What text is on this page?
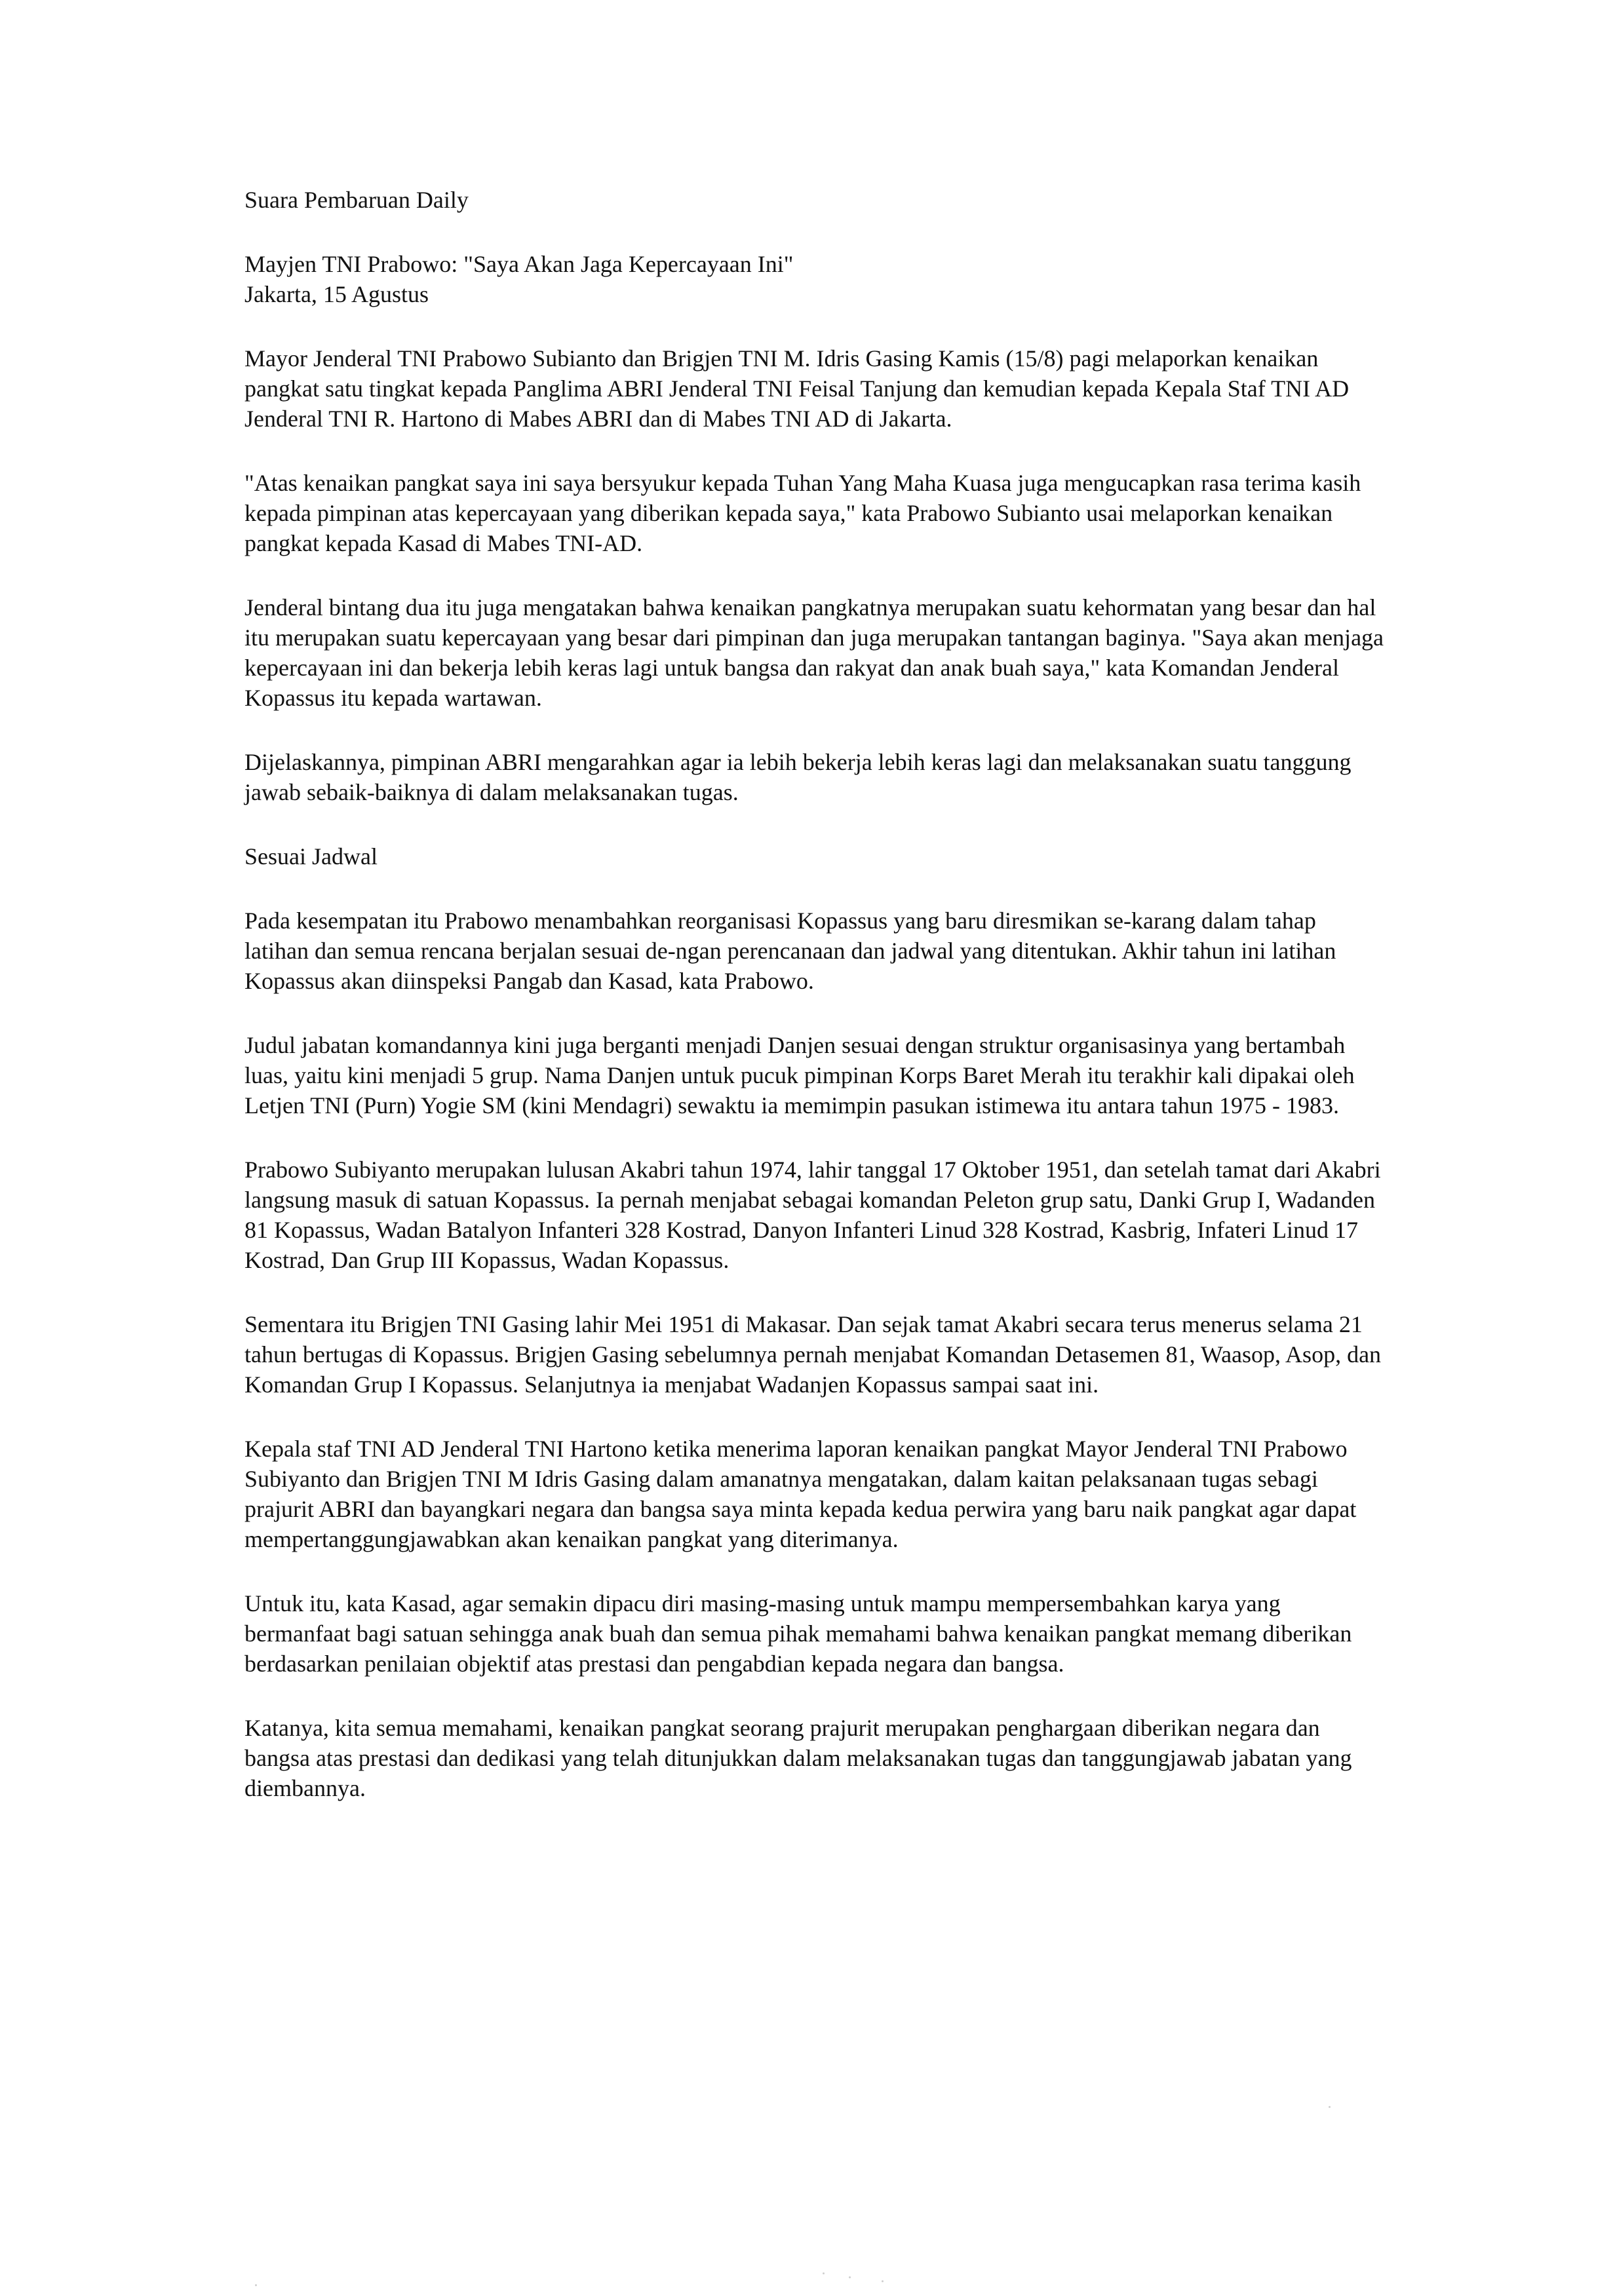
Suara Pembaruan Daily

Mayjen TNI Prabowo: "Saya Akan Jaga Kepercayaan Ini"

Jakarta, 15 Agustus

Mayor Jenderal TNI Prabowo Subianto dan Brigjen TNI M. Idris Gasing Kamis (15/8) pagi melaporkan kenaikan pangkat satu tingkat kepada Panglima ABRI Jenderal TNI Feisal Tanjung dan kemudian kepada Kepala Staf TNI AD Jenderal TNI R. Hartono di Mabes ABRI dan di Mabes TNI AD di Jakarta.

"Atas kenaikan pangkat saya ini saya bersyukur kepada Tuhan Yang Maha Kuasa juga mengucapkan rasa terima kasih kepada pimpinan atas kepercayaan yang diberikan kepada saya," kata Prabowo Subianto usai melaporkan kenaikan pangkat kepada Kasad di Mabes TNI-AD.

Jenderal bintang dua itu juga mengatakan bahwa kenaikan pangkatnya merupakan suatu kehormatan yang besar dan hal itu merupakan suatu kepercayaan yang besar dari pimpinan dan juga merupakan tantangan baginya. "Saya akan menjaga kepercayaan ini dan bekerja lebih keras lagi untuk bangsa dan rakyat dan anak buah saya," kata Komandan Jenderal Kopassus itu kepada wartawan.

Dijelaskannya, pimpinan ABRI mengarahkan agar ia lebih bekerja lebih keras lagi dan melaksanakan suatu tanggung jawab sebaik-baiknya di dalam melaksanakan tugas.

Sesuai Jadwal

Pada kesempatan itu Prabowo menambahkan reorganisasi Kopassus yang baru diresmikan se-karang dalam tahap latihan dan semua rencana berjalan sesuai de-ngan perencanaan dan jadwal yang ditentukan. Akhir tahun ini latihan Kopassus akan diinspeksi Pangab dan Kasad, kata Prabowo.

Judul jabatan komandannya kini juga berganti menjadi Danjen sesuai dengan struktur organisasinya yang bertambah luas, yaitu kini menjadi 5 grup. Nama Danjen untuk pucuk pimpinan Korps Baret Merah itu terakhir kali dipakai oleh Letjen TNI (Purn) Yogie SM (kini Mendagri) sewaktu ia memimpin pasukan istimewa itu antara tahun 1975 - 1983.

Prabowo Subiyanto merupakan lulusan Akabri tahun 1974, lahir tanggal 17 Oktober 1951, dan setelah tamat dari Akabri langsung masuk di satuan Kopassus. Ia pernah menjabat sebagai komandan Peleton grup satu, Danki Grup I, Wadanden 81 Kopassus, Wadan Batalyon Infanteri 328 Kostrad, Danyon Infanteri Linud 328 Kostrad, Kasbrig, Infateri Linud 17 Kostrad, Dan Grup III Kopassus, Wadan Kopassus.

Sementara itu Brigjen TNI Gasing lahir Mei 1951 di Makasar. Dan sejak tamat Akabri secara terus menerus selama 21 tahun bertugas di Kopassus. Brigjen Gasing sebelumnya pernah menjabat Komandan Detasemen 81, Waasop, Asop, dan Komandan Grup I Kopassus. Selanjutnya ia menjabat Wadanjen Kopassus sampai saat ini.

Kepala staf TNI AD Jenderal TNI Hartono ketika menerima laporan kenaikan pangkat Mayor Jenderal TNI Prabowo Subiyanto dan Brigjen TNI M Idris Gasing dalam amanatnya mengatakan, dalam kaitan pelaksanaan tugas sebagi prajurit ABRI dan bayangkari negara dan bangsa saya minta kepada kedua perwira yang baru naik pangkat agar dapat mempertanggungjawabkan akan kenaikan pangkat yang diterimanya.

Untuk itu, kata Kasad, agar semakin dipacu diri masing-masing untuk mampu mempersembahkan karya yang bermanfaat bagi satuan sehingga anak buah dan semua pihak memahami bahwa kenaikan pangkat memang diberikan berdasarkan penilaian objektif atas prestasi dan pengabdian kepada negara dan bangsa.

Katanya, kita semua memahami, kenaikan pangkat seorang prajurit merupakan penghargaan diberikan negara dan bangsa atas prestasi dan dedikasi yang telah ditunjukkan dalam melaksanakan tugas dan tanggungjawab jabatan yang diembannya.
